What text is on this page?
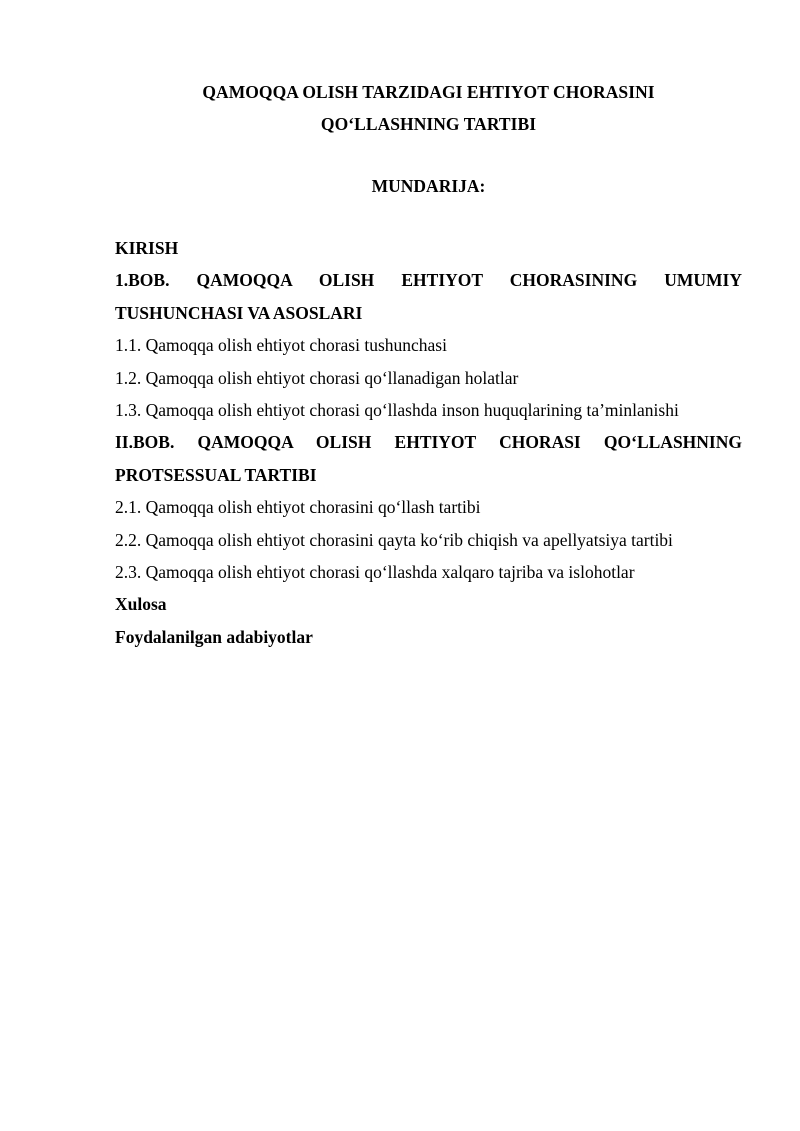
QAMOQQA OLISH TARZIDAGI EHTIYOT CHORASINI
QO‘LLASHNING TARTIBI
MUNDARIJA:
KIRISH
1.BOB. QAMOQQA OLISH EHTIYOT CHORASINING UMUMIY
TUSHUNCHASI VA ASOSLARI
1.1. Qamoqqa olish ehtiyot chorasi tushunchasi
1.2. Qamoqqa olish ehtiyot chorasi qo‘llanadigan holatlar
1.3. Qamoqqa olish ehtiyot chorasi qo‘llashda inson huquqlarining ta’minlanishi
II.BOB. QAMOQQA OLISH EHTIYOT CHORASI QO‘LLASHNING
PROTSESSUAL TARTIBI
2.1. Qamoqqa olish ehtiyot chorasini qo‘llash tartibi
2.2. Qamoqqa olish ehtiyot chorasini qayta ko‘rib chiqish va apellyatsiya tartibi
2.3. Qamoqqa olish ehtiyot chorasi qo‘llashda xalqaro tajriba va islohotlar
Xulosa
Foydalanilgan adabiyotlar
